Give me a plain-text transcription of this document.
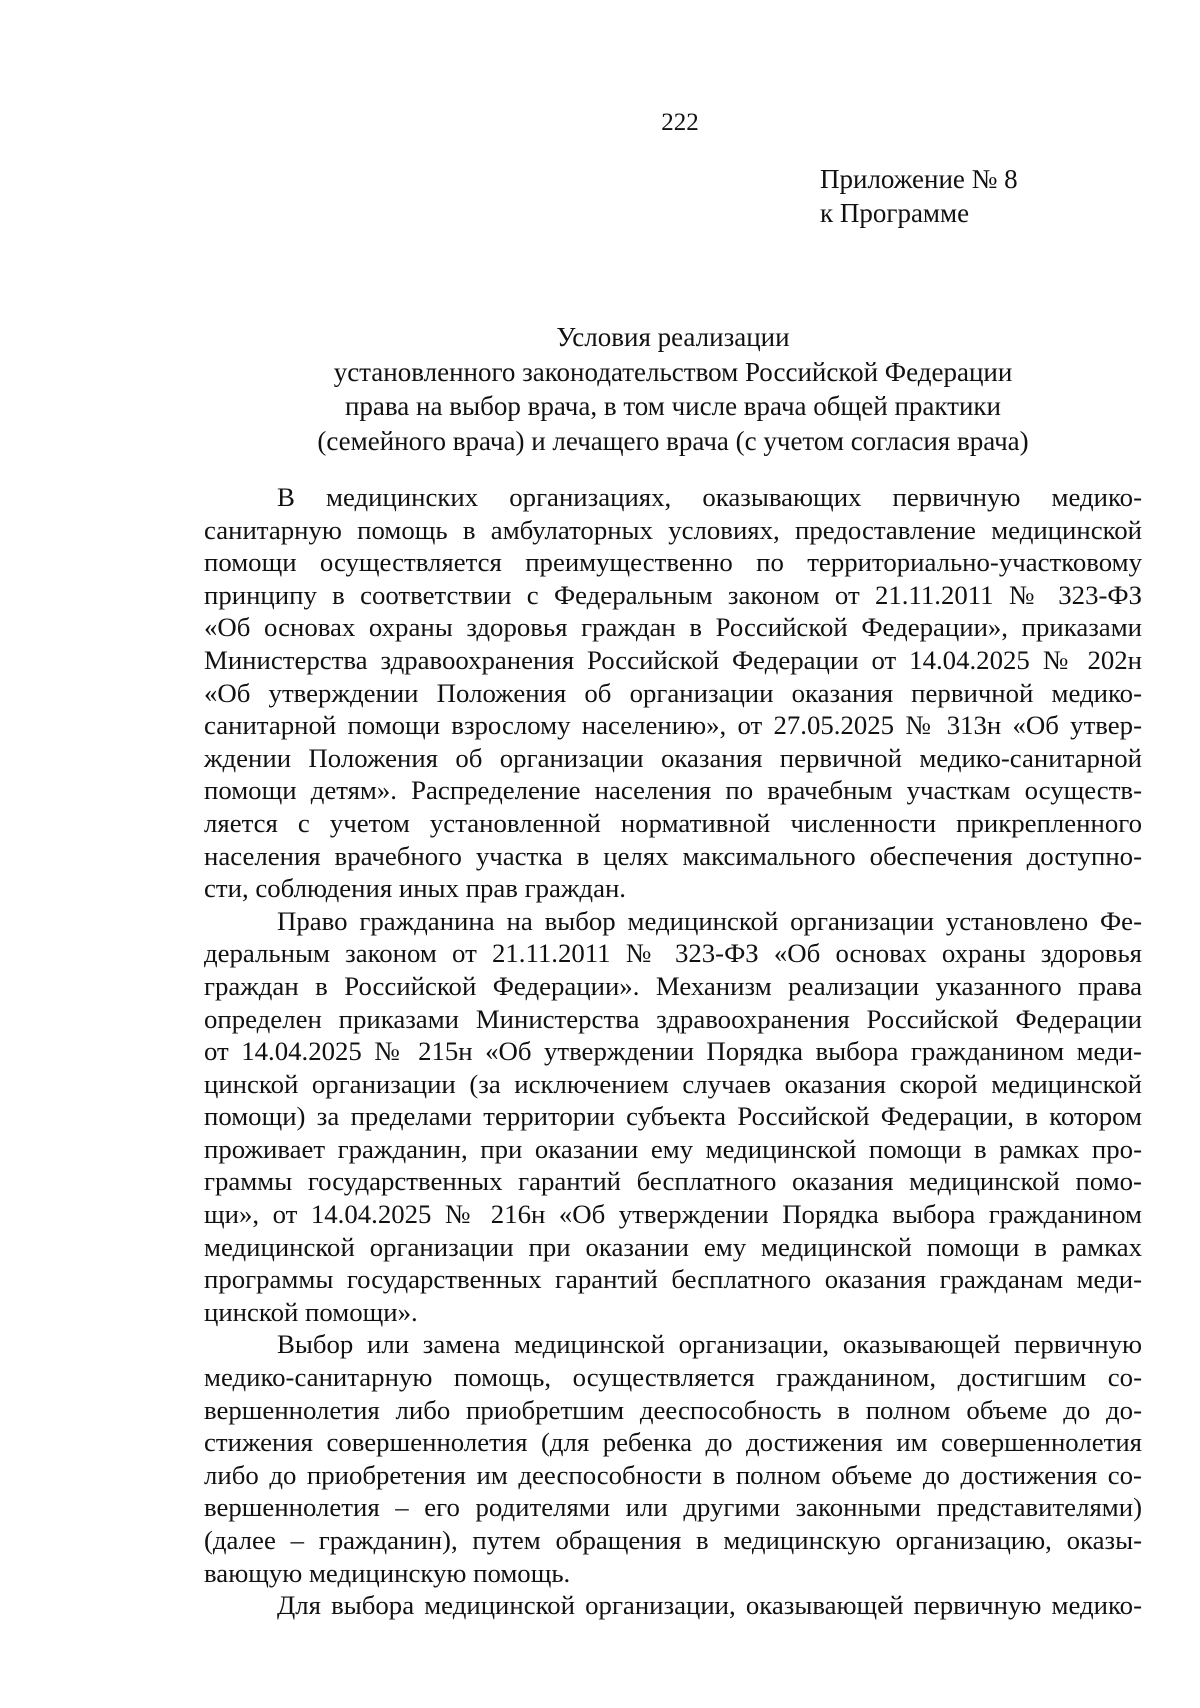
222
Приложение № 8
к Программе
Условия реализации
установленного законодательством Российской Федерации
права на выбор врача, в том числе врача общей практики
(семейного врача) и лечащего врача (с учетом согласия врача)
В медицинских организациях, оказывающих первичную медико-
санитарную помощь в амбулаторных условиях, предоставление медицинской
помощи осуществляется преимущественно по территориально-участковому
принципу в соответствии с Федеральным законом от 21.11.2011 № 323-ФЗ
«Об основах охраны здоровья граждан в Российской Федерации», приказами
Министерства здравоохранения Российской Федерации от 14.04.2025 № 202н
«Об утверждении Положения об организации оказания первичной медико-
санитарной помощи взрослому населению», от 27.05.2025 № 313н «Об утвер-
ждении Положения об организации оказания первичной медико-санитарной
помощи детям». Распределение населения по врачебным участкам осуществ-
ляется с учетом установленной нормативной численности прикрепленного
населения врачебного участка в целях максимального обеспечения доступно-
сти, соблюдения иных прав граждан.
Право гражданина на выбор медицинской организации установлено Фе-
деральным законом от 21.11.2011 № 323-ФЗ «Об основах охраны здоровья
граждан в Российской Федерации». Механизм реализации указанного права
определен приказами Министерства здравоохранения Российской Федерации
от 14.04.2025 № 215н «Об утверждении Порядка выбора гражданином меди-
цинской организации (за исключением случаев оказания скорой медицинской
помощи) за пределами территории субъекта Российской Федерации, в котором
проживает гражданин, при оказании ему медицинской помощи в рамках про-
граммы государственных гарантий бесплатного оказания медицинской помо-
щи», от 14.04.2025 № 216н «Об утверждении Порядка выбора гражданином
медицинской организации при оказании ему медицинской помощи в рамках
программы государственных гарантий бесплатного оказания гражданам меди-
цинской помощи».
Выбор или замена медицинской организации, оказывающей первичную
медико-санитарную помощь, осуществляется гражданином, достигшим со-
вершеннолетия либо приобретшим дееспособность в полном объеме до до-
стижения совершеннолетия (для ребенка до достижения им совершеннолетия
либо до приобретения им дееспособности в полном объеме до достижения со-
вершеннолетия – его родителями или другими законными представителями)
(далее – гражданин), путем обращения в медицинскую организацию, оказы-
вающую медицинскую помощь.
Для выбора медицинской организации, оказывающей первичную медико-
